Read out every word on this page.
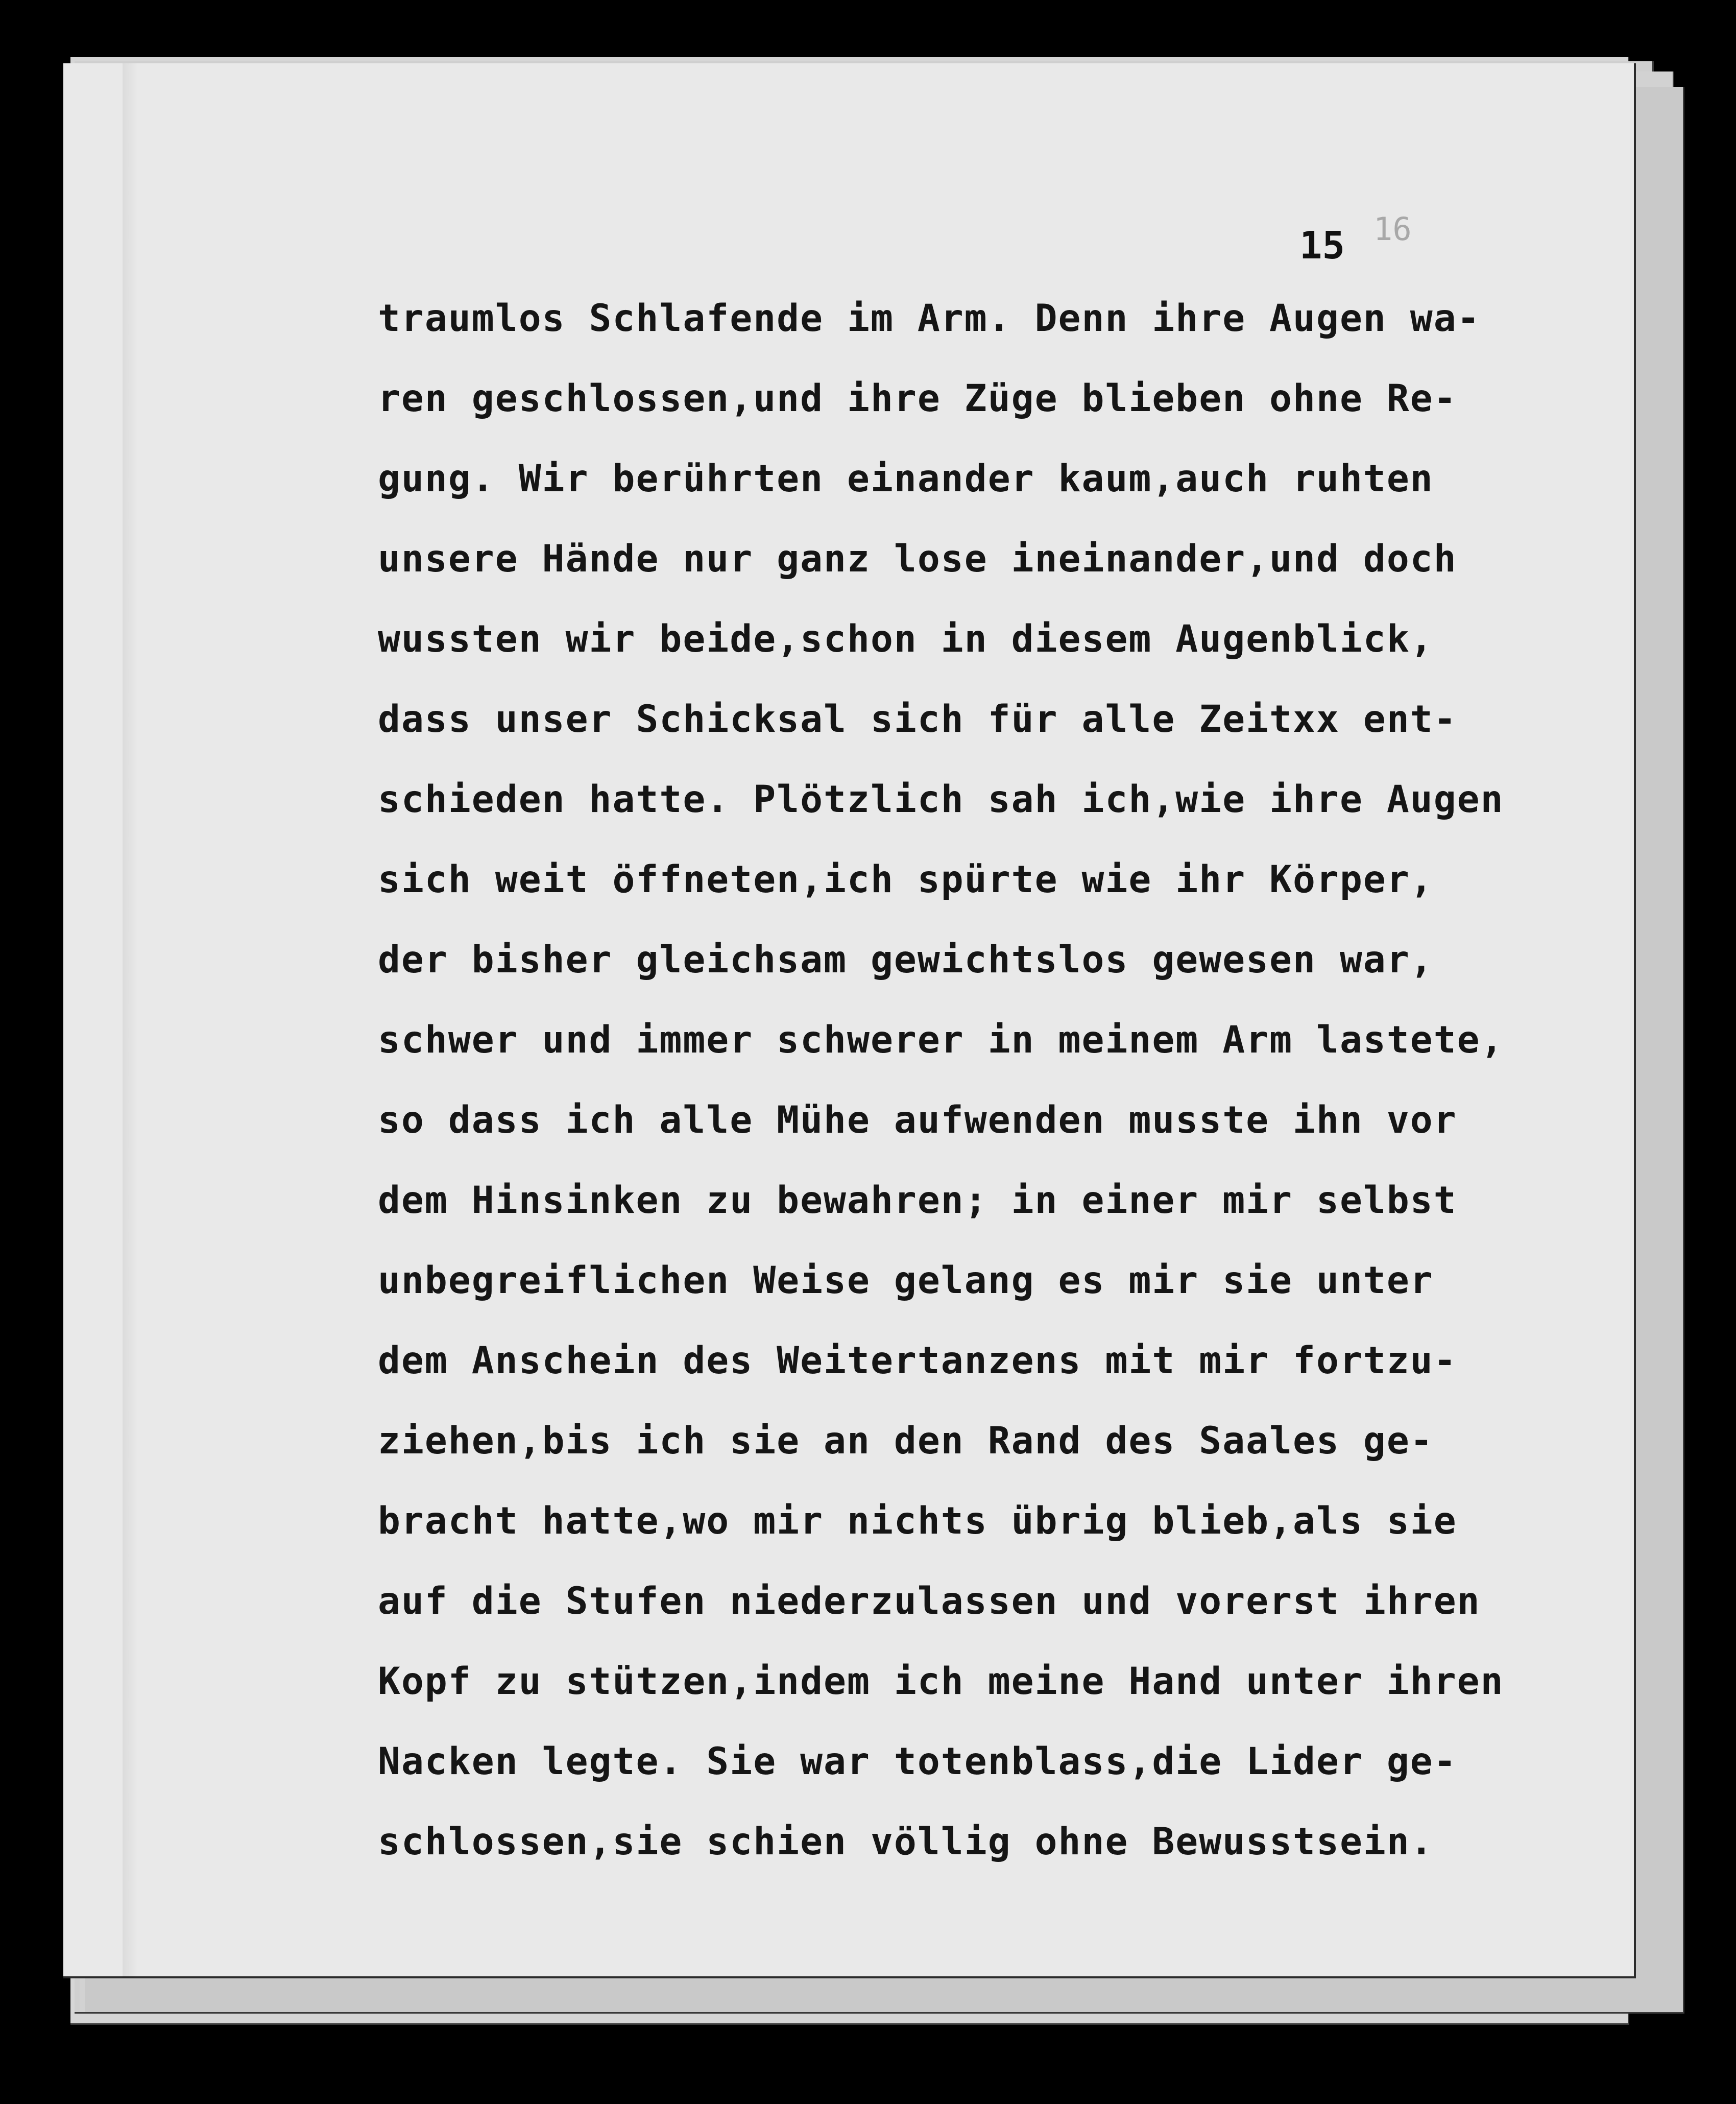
16
15
traumlos Schlafende im Arm. Denn ihre Augen wa-
ren geschlossen,und ihre Züge blieben ohne Re-
gung. Wir berührten einander kaum,auch ruhten
unsere Hände nur ganz lose ineinander,und doch
wussten wir beide,schon in diesem Augenblick,
dass unser Schicksal sich für alle Zeitxx ent-
schieden hatte. Plötzlich sah ich,wie ihre Augen
sich weit öffneten,ich spürte wie ihr Körper,
der bisher gleichsam gewichtslos gewesen war,
schwer und immer schwerer in meinem Arm lastete,
so dass ich alle Mühe aufwenden musste ihn vor
dem Hinsinken zu bewahren; in einer mir selbst
unbegreiflichen Weise gelang es mir sie unter
dem Anschein des Weitertanzens mit mir fortzu-
ziehen,bis ich sie an den Rand des Saales ge-
bracht hatte,wo mir nichts übrig blieb,als sie
auf die Stufen niederzulassen und vorerst ihren
Kopf zu stützen,indem ich meine Hand unter ihren
Nacken legte. Sie war totenblass,die Lider ge-
schlossen,sie schien völlig ohne Bewusstsein.
